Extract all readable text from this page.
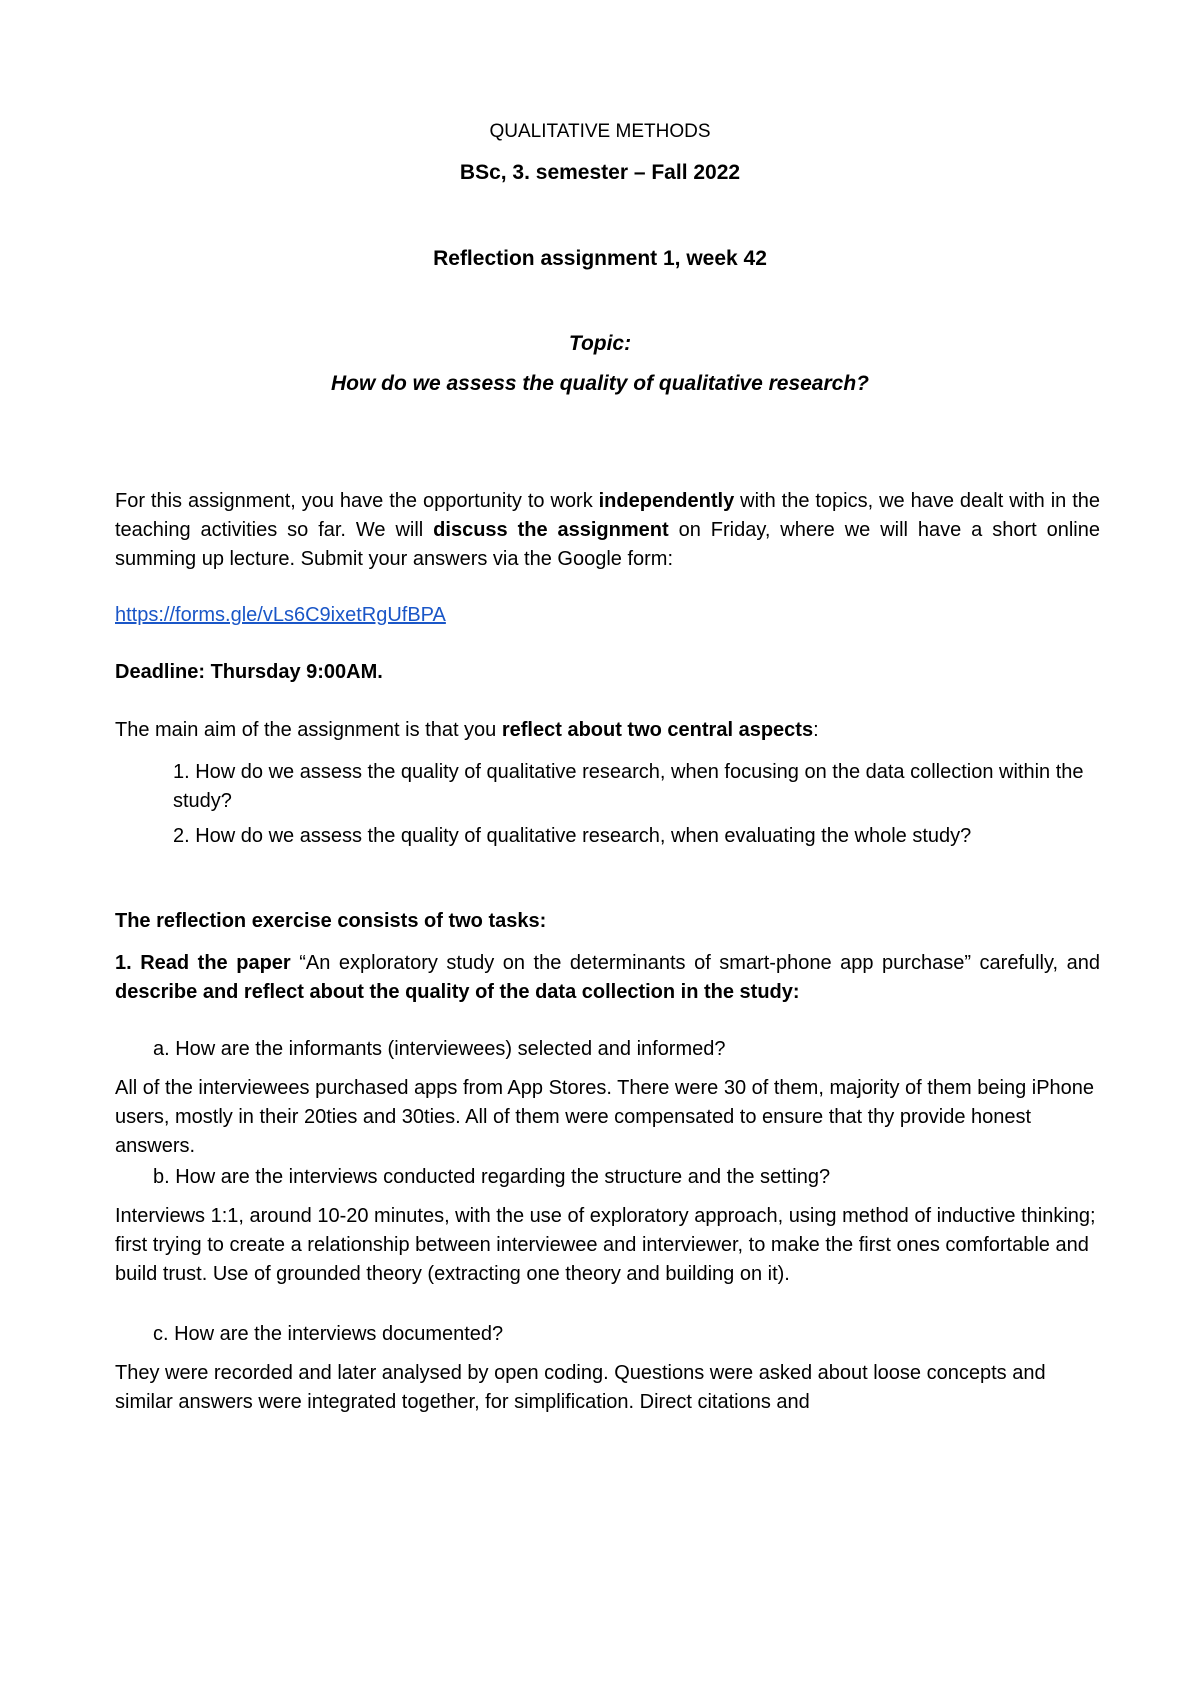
QUALITATIVE METHODS

BSc, 3. semester – Fall 2022

Reflection assignment 1, week 42

Topic:

How do we assess the quality of qualitative research?

For this assignment, you have the opportunity to work independently with the topics, we have dealt with in the teaching activities so far. We will discuss the assignment on Friday, where we will have a short online summing up lecture. Submit your answers via the Google form:

https://forms.gle/vLs6C9ixetRgUfBPA

Deadline: Thursday 9:00AM.

The main aim of the assignment is that you reflect about two central aspects:

1. How do we assess the quality of qualitative research, when focusing on the data collection within the study?

2. How do we assess the quality of qualitative research, when evaluating the whole study?

The reflection exercise consists of two tasks:

1. Read the paper “An exploratory study on the determinants of smart-phone app purchase” carefully, and describe and reflect about the quality of the data collection in the study:

a. How are the informants (interviewees) selected and informed?

All of the interviewees purchased apps from App Stores. There were 30 of them, majority of them being iPhone users, mostly in their 20ties and 30ties. All of them were compensated to ensure that thy provide honest answers.

b. How are the interviews conducted regarding the structure and the setting?

Interviews 1:1, around 10-20 minutes, with the use of exploratory approach, using method of inductive thinking; first trying to create a relationship between interviewee and interviewer, to make the first ones comfortable and build trust. Use of grounded theory (extracting one theory and building on it).

c. How are the interviews documented?

They were recorded and later analysed by open coding. Questions were asked about loose concepts and similar answers were integrated together, for simplification. Direct citations and
